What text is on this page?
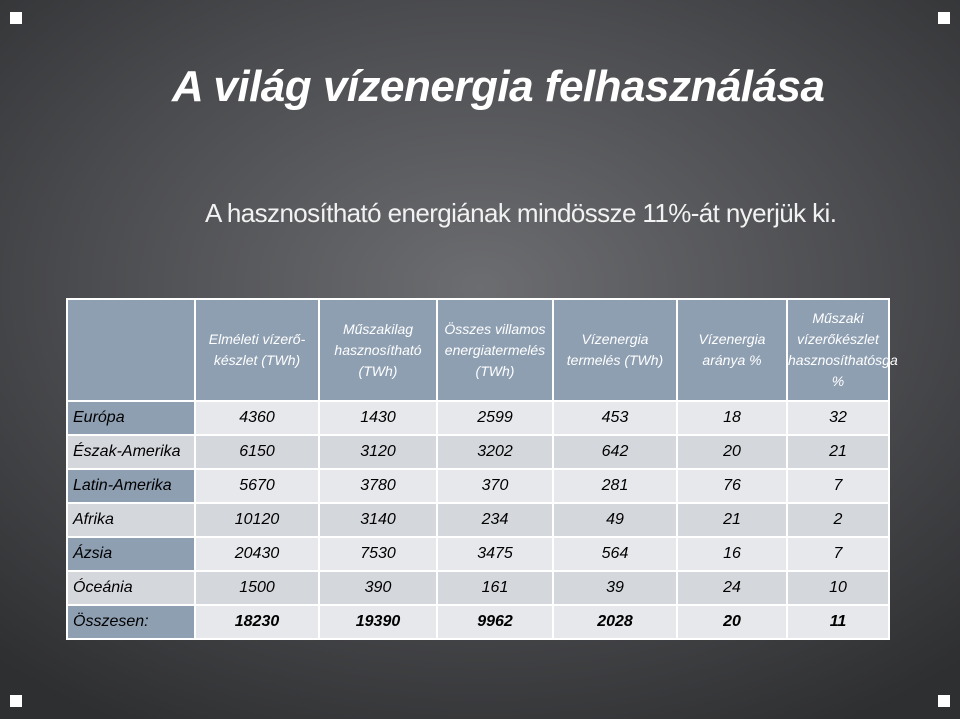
A világ vízenergia felhasználása

A hasznosítható energiának mindössze 11%-át nyerjük ki.

	Elméleti vízerő-készlet (TWh)	Műszakilag hasznosítható (TWh)	Összes villamos energiatermelés (TWh)	Vízenergia termelés (TWh)	Vízenergia aránya %	Műszaki vízerőkészlet hasznosíthatósga %
Európa	4360	1430	2599	453	18	32
Észak-Amerika	6150	3120	3202	642	20	21
Latin-Amerika	5670	3780	370	281	76	7
Afrika	10120	3140	234	49	21	2
Ázsia	20430	7530	3475	564	16	7
Óceánia	1500	390	161	39	24	10
Összesen:	18230	19390	9962	2028	20	11
